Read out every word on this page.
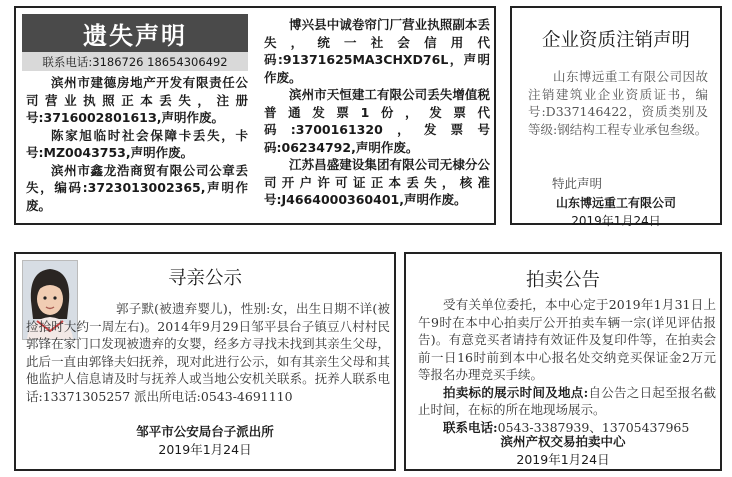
遗失声明
联系电话:3186726 18654306492

滨州市建德房地产开发有限责任公司营业执照正本丢失，注册号:371600280161З,声明作废。

陈家旭临时社会保障卡丢失，卡号:MZ0043753,声明作废。

滨州市鑫龙浩商贸有限公司公章丢失，编码:3723013002365,声明作废。

博兴县中诚卷帘门厂营业执照副本丢失，统一社会信用代码:91371625MA3CHXD76L，声明作废。

滨州市天恒建工有限公司丢失增值税普通发票1份，发票代码:3700161320，发票号码:06234792,声明作废。

江苏昌盛建设集团有限公司无棣分公司开户许可证正本丢失，核准号:J4664000360401,声明作废。

企业资质注销声明

山东博远重工有限公司因故注销建筑业企业资质证书，编号:D337146422，资质类别及等级:钢结构工程专业承包叁级。

特此声明
山东博远重工有限公司
2019年1月24日
寻亲公示

郭子默(被遗弃婴儿)，性别:女，出生日期不详(被捡拾时大约一周左右)。2014年9月29日邹平县台子镇豆八村村民郭锋在家门口发现被遗弃的女婴，经多方寻找未找到其亲生父母，此后一直由郭锋夫妇抚养，现对此进行公示，如有其亲生父母和其他监护人信息请及时与抚养人或当地公安机关联系。抚养人联系电话:13371305257 派出所电话:0543-4691110

邹平市公安局台子派出所
2019年1月24日
拍卖公告

受有关单位委托，本中心定于2019年1月31日上午9时在本中心拍卖厅公开拍卖车辆一宗(详见评估报告)。有意竞买者请持有效证件及复印件等，在拍卖会前一日16时前到本中心报名处交纳竞买保证金2万元等报名办理竞买手续。

拍卖标的展示时间及地点:自公告之日起至报名截止时间，在标的所在地现场展示。

联系电话:0543-3387939、13705437965

滨州产权交易拍卖中心
2019年1月24日
